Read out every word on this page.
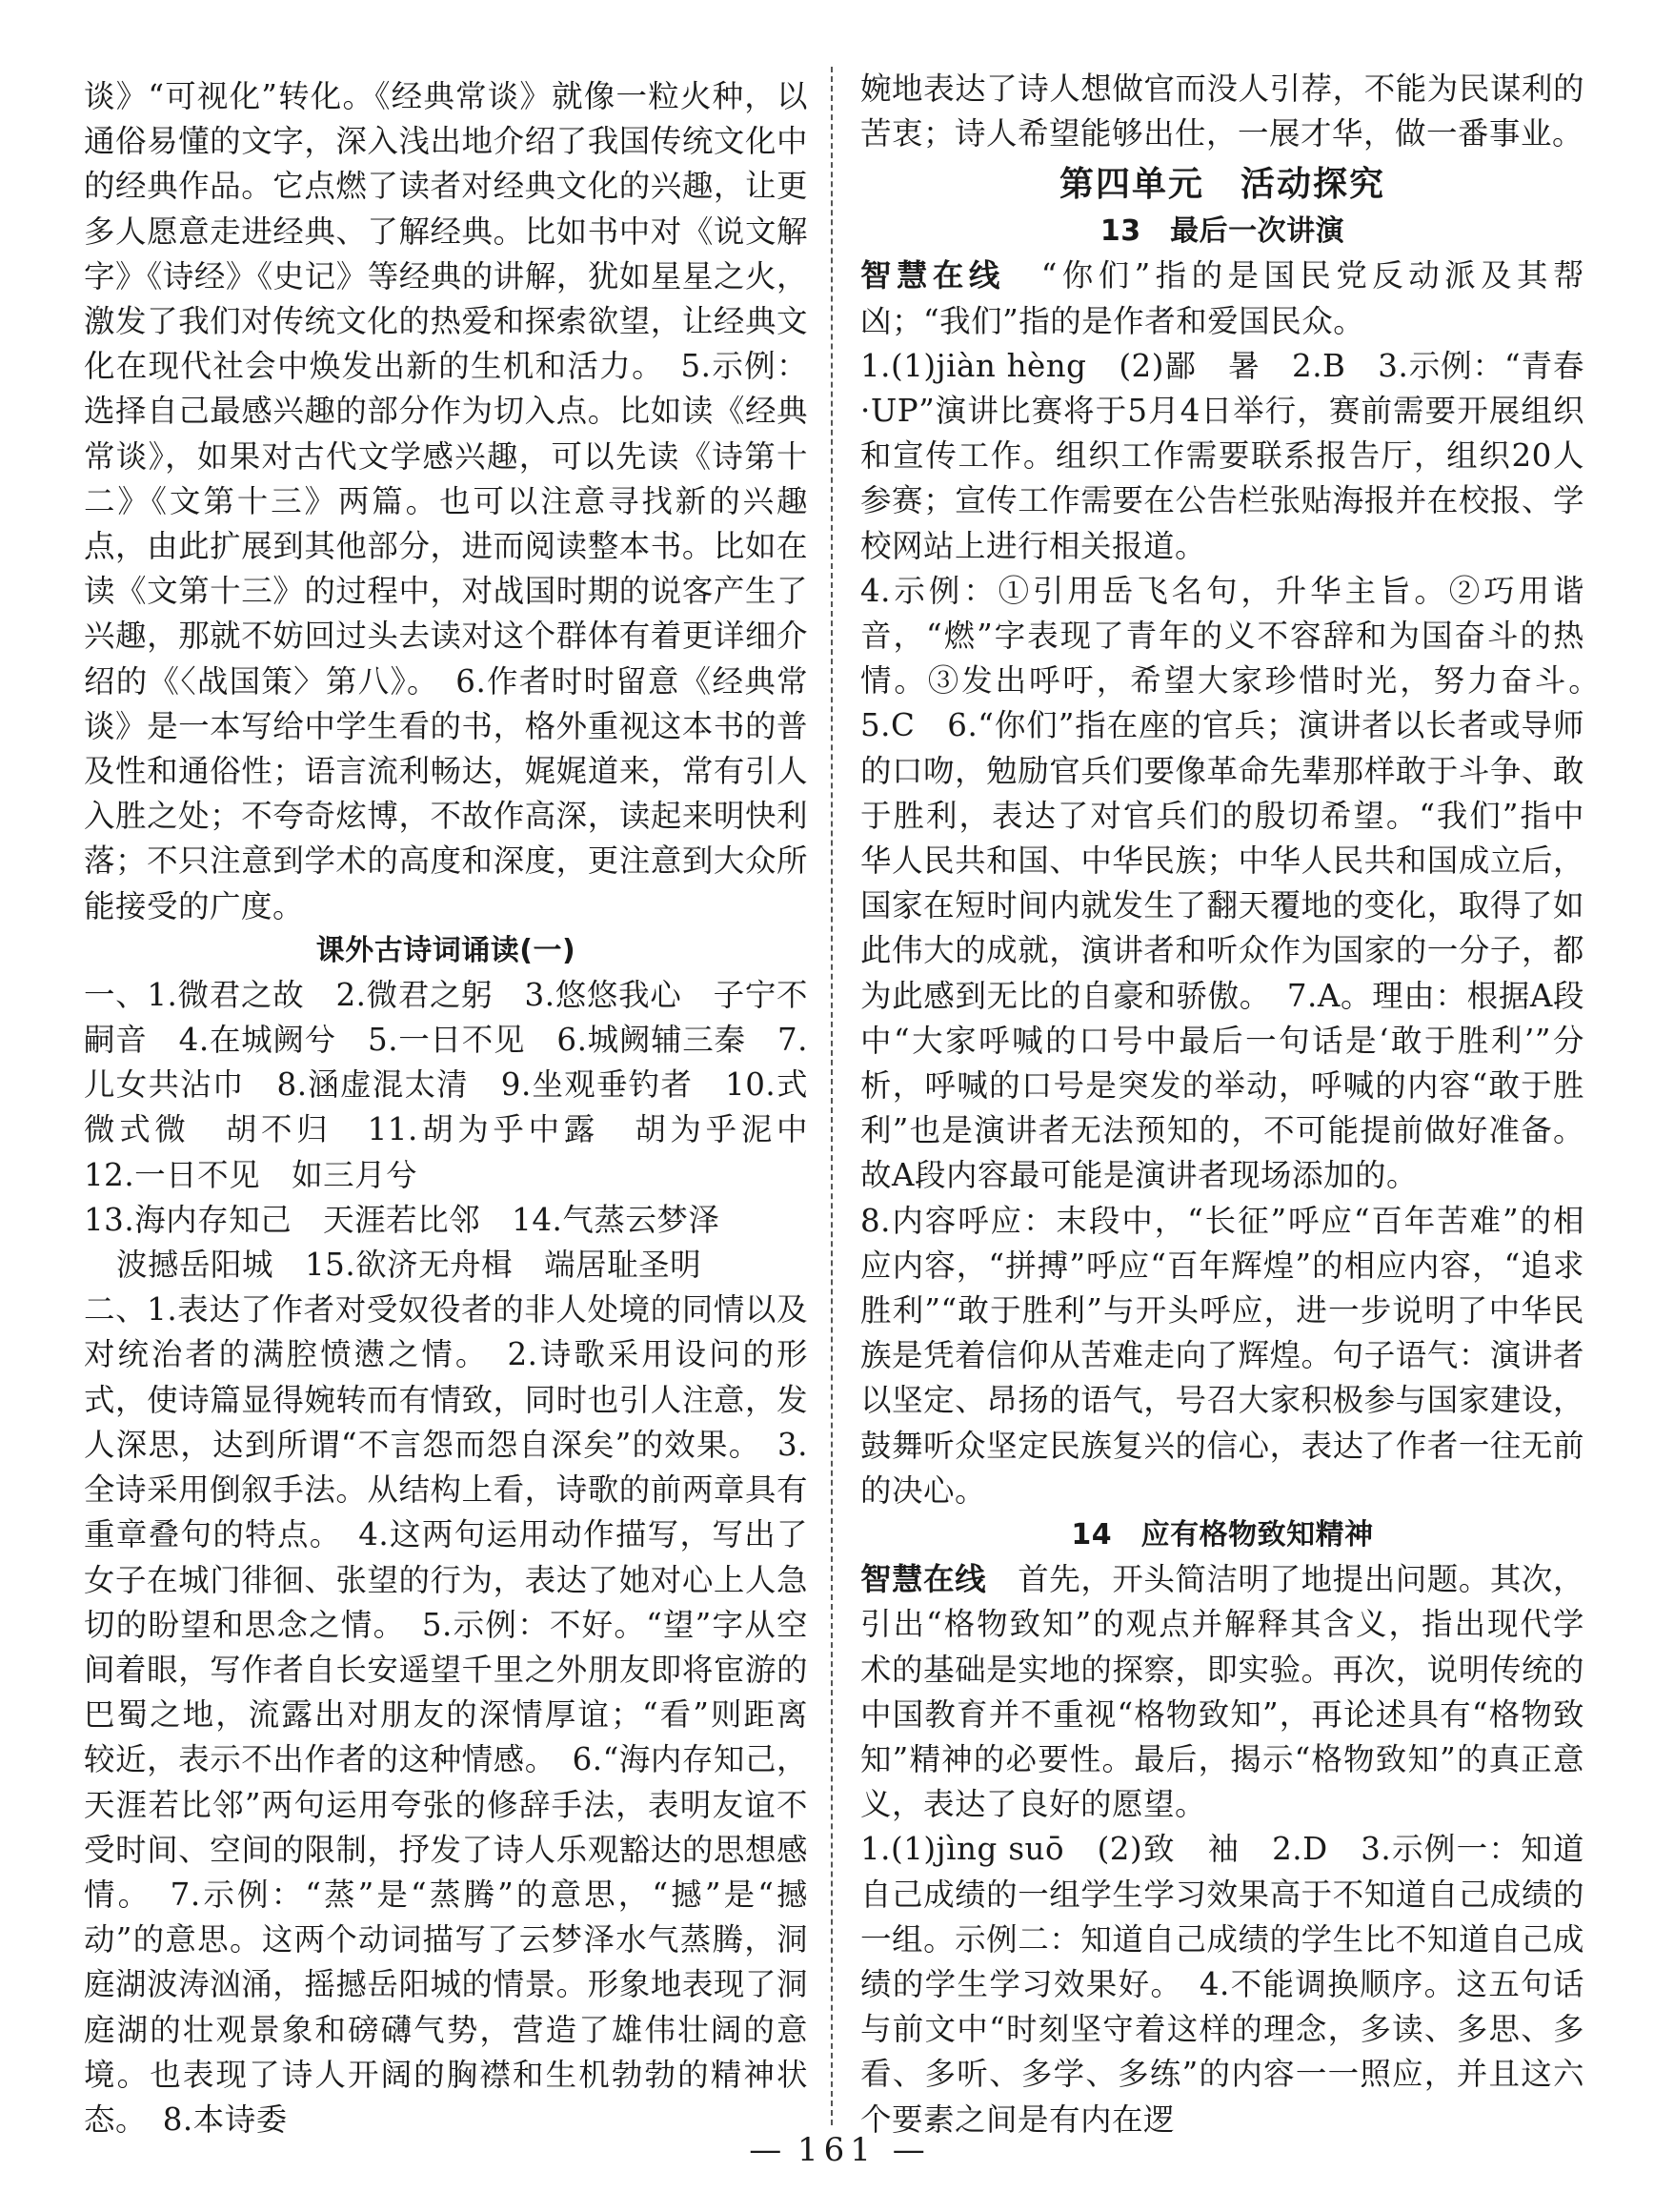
谈》“可视化”转化。《经典常谈》就像一粒火种，以通俗易懂的文字，深入浅出地介绍了我国传统文化中的经典作品。它点燃了读者对经典文化的兴趣，让更多人愿意走进经典、了解经典。比如书中对《说文解字》《诗经》《史记》等经典的讲解，犹如星星之火，激发了我们对传统文化的热爱和探索欲望，让经典文化在现代社会中焕发出新的生机和活力。　5.示例：选择自己最感兴趣的部分作为切入点。比如读《经典常谈》，如果对古代文学感兴趣，可以先读《诗第十二》《文第十三》两篇。也可以注意寻找新的兴趣点，由此扩展到其他部分，进而阅读整本书。比如在读《文第十三》的过程中，对战国时期的说客产生了兴趣，那就不妨回过头去读对这个群体有着更详细介绍的《〈战国策〉第八》。　6.作者时时留意《经典常谈》是一本写给中学生看的书，格外重视这本书的普及性和通俗性；语言流利畅达，娓娓道来，常有引人入胜之处；不夸奇炫博，不故作高深，读起来明快利落；不只注意到学术的高度和深度，更注意到大众所能接受的广度。

课外古诗词诵读(一)

一、1.微君之故　2.微君之躬　3.悠悠我心　子宁不嗣音　4.在城阙兮　5.一日不见　6.城阙辅三秦　7.儿女共沾巾　8.涵虚混太清　9.坐观垂钓者　10.式微式微　胡不归　11.胡为乎中露　胡为乎泥中　12.一日不见　如三月兮

13.海内存知己　天涯若比邻　14.气蒸云梦泽

波撼岳阳城　15.欲济无舟楫　端居耻圣明

二、1.表达了作者对受奴役者的非人处境的同情以及对统治者的满腔愤懑之情。　2.诗歌采用设问的形式，使诗篇显得婉转而有情致，同时也引人注意，发人深思，达到所谓“不言怨而怨自深矣”的效果。　3.全诗采用倒叙手法。从结构上看，诗歌的前两章具有重章叠句的特点。　4.这两句运用动作描写，写出了女子在城门徘徊、张望的行为，表达了她对心上人急切的盼望和思念之情。　5.示例：不好。“望”字从空间着眼，写作者自长安遥望千里之外朋友即将宦游的巴蜀之地，流露出对朋友的深情厚谊；“看”则距离较近，表示不出作者的这种情感。　6.“海内存知己，天涯若比邻”两句运用夸张的修辞手法，表明友谊不受时间、空间的限制，抒发了诗人乐观豁达的思想感情。　7.示例：“蒸”是“蒸腾”的意思，“撼”是“撼动”的意思。这两个动词描写了云梦泽水气蒸腾，洞庭湖波涛汹涌，摇撼岳阳城的情景。形象地表现了洞庭湖的壮观景象和磅礴气势，营造了雄伟壮阔的意境。也表现了诗人开阔的胸襟和生机勃勃的精神状态。　8.本诗委

婉地表达了诗人想做官而没人引荐，不能为民谋利的苦衷；诗人希望能够出仕，一展才华，做一番事业。

第四单元　活动探究

13　最后一次讲演

智慧在线　“你们”指的是国民党反动派及其帮凶；“我们”指的是作者和爱国民众。

1.(1)jiàn hèng　(2)鄙　暑　2.B　3.示例：“青春·UP”演讲比赛将于5月4日举行，赛前需要开展组织和宣传工作。组织工作需要联系报告厅，组织20人参赛；宣传工作需要在公告栏张贴海报并在校报、学校网站上进行相关报道。

4.示例：①引用岳飞名句，升华主旨。②巧用谐音，“燃”字表现了青年的义不容辞和为国奋斗的热情。③发出呼吁，希望大家珍惜时光，努力奋斗。　5.C　6.“你们”指在座的官兵；演讲者以长者或导师的口吻，勉励官兵们要像革命先辈那样敢于斗争、敢于胜利，表达了对官兵们的殷切希望。“我们”指中华人民共和国、中华民族；中华人民共和国成立后，国家在短时间内就发生了翻天覆地的变化，取得了如此伟大的成就，演讲者和听众作为国家的一分子，都为此感到无比的自豪和骄傲。　7.A。理由：根据A段中“大家呼喊的口号中最后一句话是‘敢于胜利’”分析，呼喊的口号是突发的举动，呼喊的内容“敢于胜利”也是演讲者无法预知的，不可能提前做好准备。故A段内容最可能是演讲者现场添加的。

8.内容呼应：末段中，“长征”呼应“百年苦难”的相应内容，“拼搏”呼应“百年辉煌”的相应内容，“追求胜利”“敢于胜利”与开头呼应，进一步说明了中华民族是凭着信仰从苦难走向了辉煌。句子语气：演讲者以坚定、昂扬的语气，号召大家积极参与国家建设，鼓舞听众坚定民族复兴的信心，表达了作者一往无前的决心。

14　应有格物致知精神

智慧在线　首先，开头简洁明了地提出问题。其次，引出“格物致知”的观点并解释其含义，指出现代学术的基础是实地的探察，即实验。再次，说明传统的中国教育并不重视“格物致知”，再论述具有“格物致知”精神的必要性。最后，揭示“格物致知”的真正意义，表达了良好的愿望。

1.(1)jìng suō　(2)致　袖　2.D　3.示例一：知道自己成绩的一组学生学习效果高于不知道自己成绩的一组。示例二：知道自己成绩的学生比不知道自己成绩的学生学习效果好。　4.不能调换顺序。这五句话与前文中“时刻坚守着这样的理念，多读、多思、多看、多听、多学、多练”的内容一一照应，并且这六个要素之间是有内在逻

— 161 —
